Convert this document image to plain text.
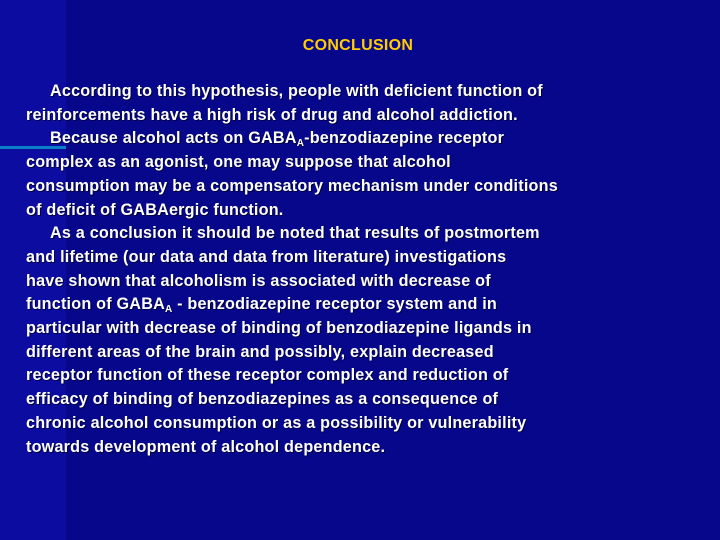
CONCLUSION
According to this hypothesis, people with deficient function of
reinforcements have a high risk of drug and alcohol addiction.
Because alcohol acts on $GABA_A$-benzodiazepine receptor
complex as an agonist, one may suppose that alcohol
consumption may be a compensatory mechanism under conditions
of deficit of GABAergic function.
As a conclusion it should be noted that results of postmortem
and lifetime (our data and data from literature) investigations
have shown that alcoholism is associated with decrease of
function of $GABA_A$ - benzodiazepine receptor system and in
particular with decrease of binding of benzodiazepine ligands in
different areas of the brain and possibly, explain decreased
receptor function of these receptor complex and reduction of
efficacy of binding of benzodiazepines as a consequence of
chronic alcohol consumption or as a possibility or vulnerability
towards development of alcohol dependence.
